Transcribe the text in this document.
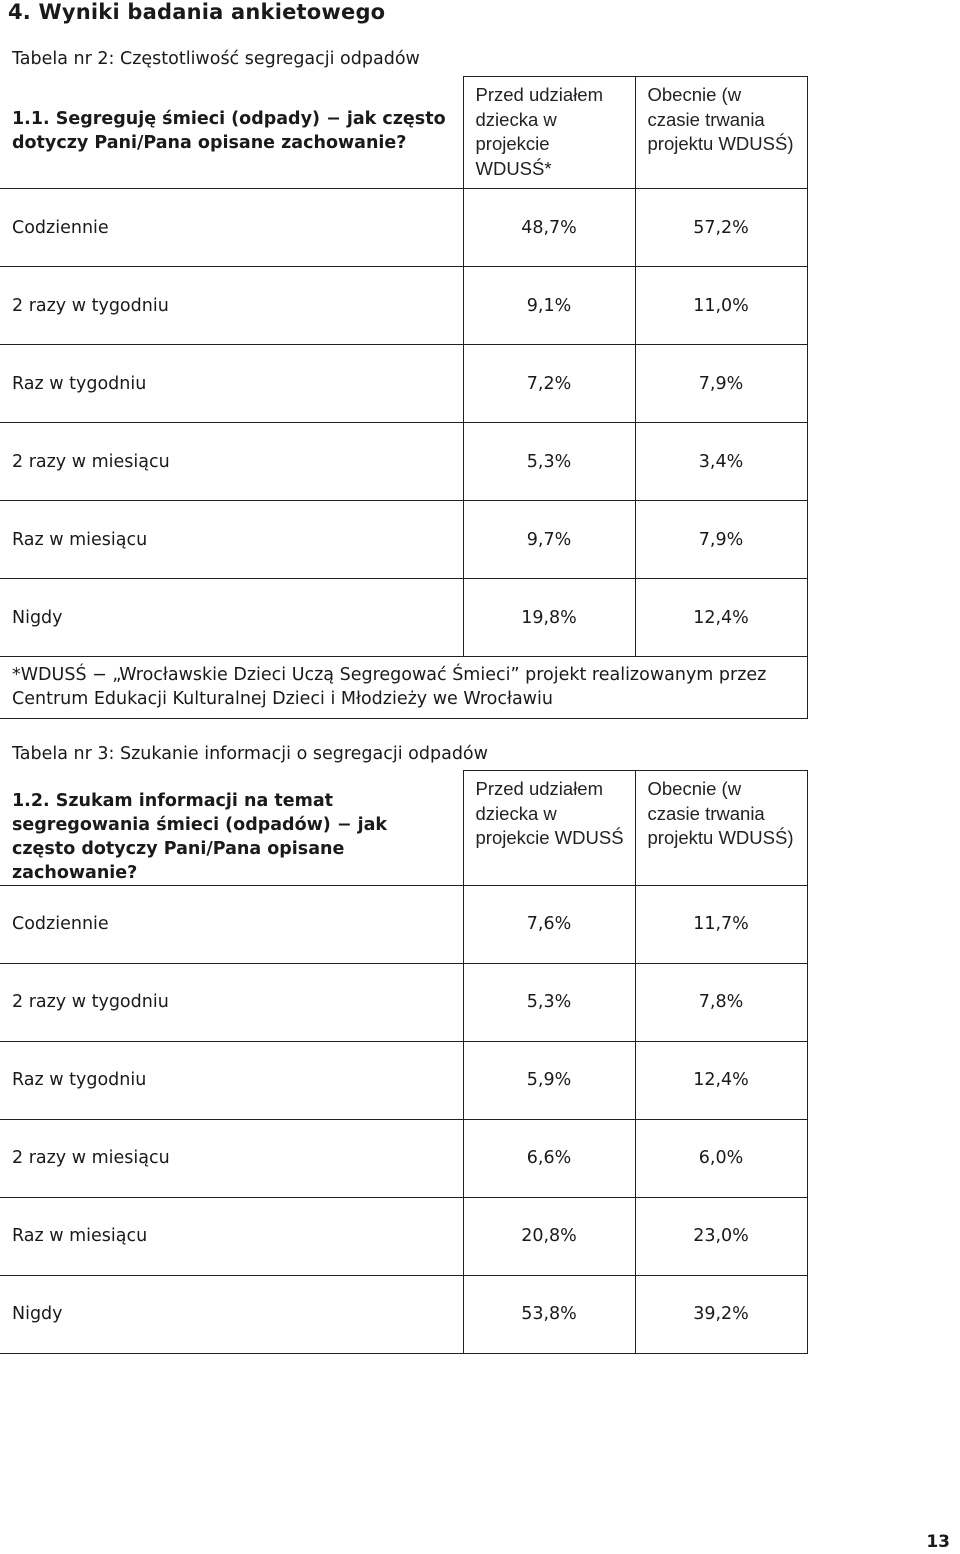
4. Wyniki badania ankietowego
Tabela nr 2: Częstotliwość segregacji odpadów
1.1. Segreguję śmieci (odpady) − jak często dotyczy Pani/Pana opisane zachowanie?	Przed udziałem dziecka w projekcie WDUSŚ*	Obecnie (w czasie trwania projektu WDUSŚ)

Codziennie	48,7%	57,2%
2 razy w tygodniu	9,1%	11,0%
Raz w tygodniu	7,2%	7,9%
2 razy w miesiącu	5,3%	3,4%
Raz w miesiącu	9,7%	7,9%
Nigdy	19,8%	12,4%
*WDUSŚ − „Wrocławskie Dzieci Uczą Segregować Śmieci” projekt realizowanym przez Centrum Edukacji Kulturalnej Dzieci i Młodzieży we Wrocławiu		
Tabela nr 3: Szukanie informacji o segregacji odpadów
1.2. Szukam informacji na temat segregowania śmieci (odpadów) − jak często dotyczy Pani/Pana opisane zachowanie?	Przed udziałem dziecka w projekcie WDUSŚ	Obecnie (w czasie trwania projektu WDUSŚ)

Codziennie	7,6%	11,7%
2 razy w tygodniu	5,3%	7,8%
Raz w tygodniu	5,9%	12,4%
2 razy w miesiącu	6,6%	6,0%
Raz w miesiącu	20,8%	23,0%
Nigdy	53,8%	39,2%
13
